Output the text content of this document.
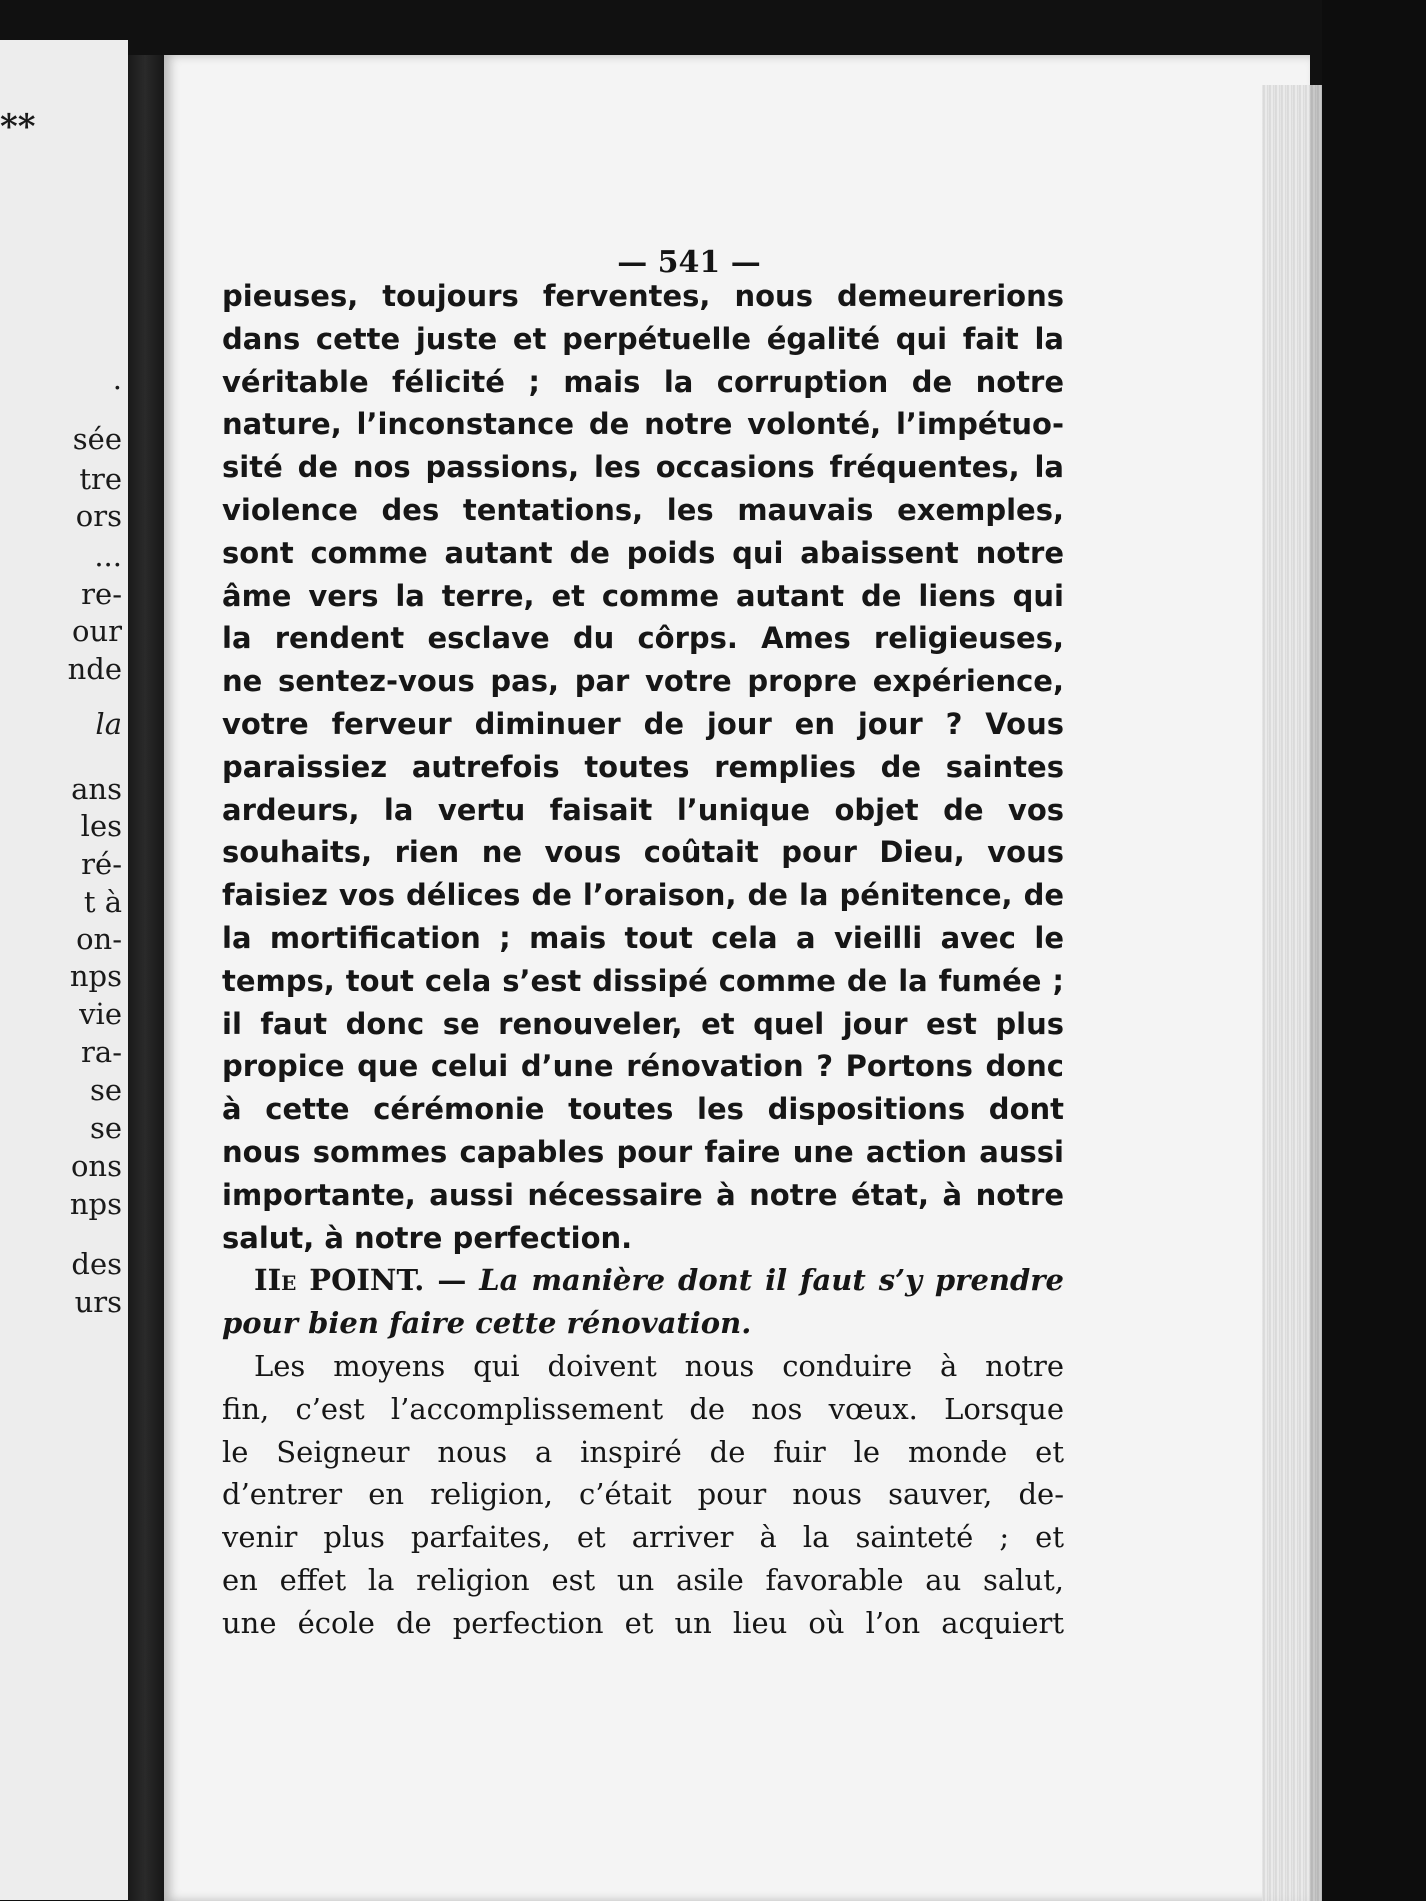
**
.
sée
tre
ors
...
re-
our
nde
la
ans
les
ré-
t à
on-
nps
vie
ra-
se
se
ons
nps
des
urs
— 541 —
pieuses, toujours ferventes, nous demeurerions
dans cette juste et perpétuelle égalité qui fait la
véritable félicité ; mais la corruption de notre
nature, l’inconstance de notre volonté, l’impétuo-
sité de nos passions, les occasions fréquentes, la
violence des tentations, les mauvais exemples,
sont comme autant de poids qui abaissent notre
âme vers la terre, et comme autant de liens qui
la rendent esclave du côrps. Ames religieuses,
ne sentez-vous pas, par votre propre expérience,
votre ferveur diminuer de jour en jour ? Vous
paraissiez autrefois toutes remplies de saintes
ardeurs, la vertu faisait l’unique objet de vos
souhaits, rien ne vous coûtait pour Dieu, vous
faisiez vos délices de l’oraison, de la pénitence, de
la mortification ; mais tout cela a vieilli avec le
temps, tout cela s’est dissipé comme de la fumée ;
il faut donc se renouveler, et quel jour est plus
propice que celui d’une rénovation ? Portons donc
à cette cérémonie toutes les dispositions dont
nous sommes capables pour faire une action aussi
importante, aussi nécessaire à notre état, à notre
salut, à notre perfection.
IIe POINT. — La manière dont il faut s’y prendre
pour bien faire cette rénovation.
Les moyens qui doivent nous conduire à notre
fin, c’est l’accomplissement de nos vœux. Lorsque
le Seigneur nous a inspiré de fuir le monde et
d’entrer en religion, c’était pour nous sauver, de-
venir plus parfaites, et arriver à la sainteté ; et
en effet la religion est un asile favorable au salut,
une école de perfection et un lieu où l’on acquiert
